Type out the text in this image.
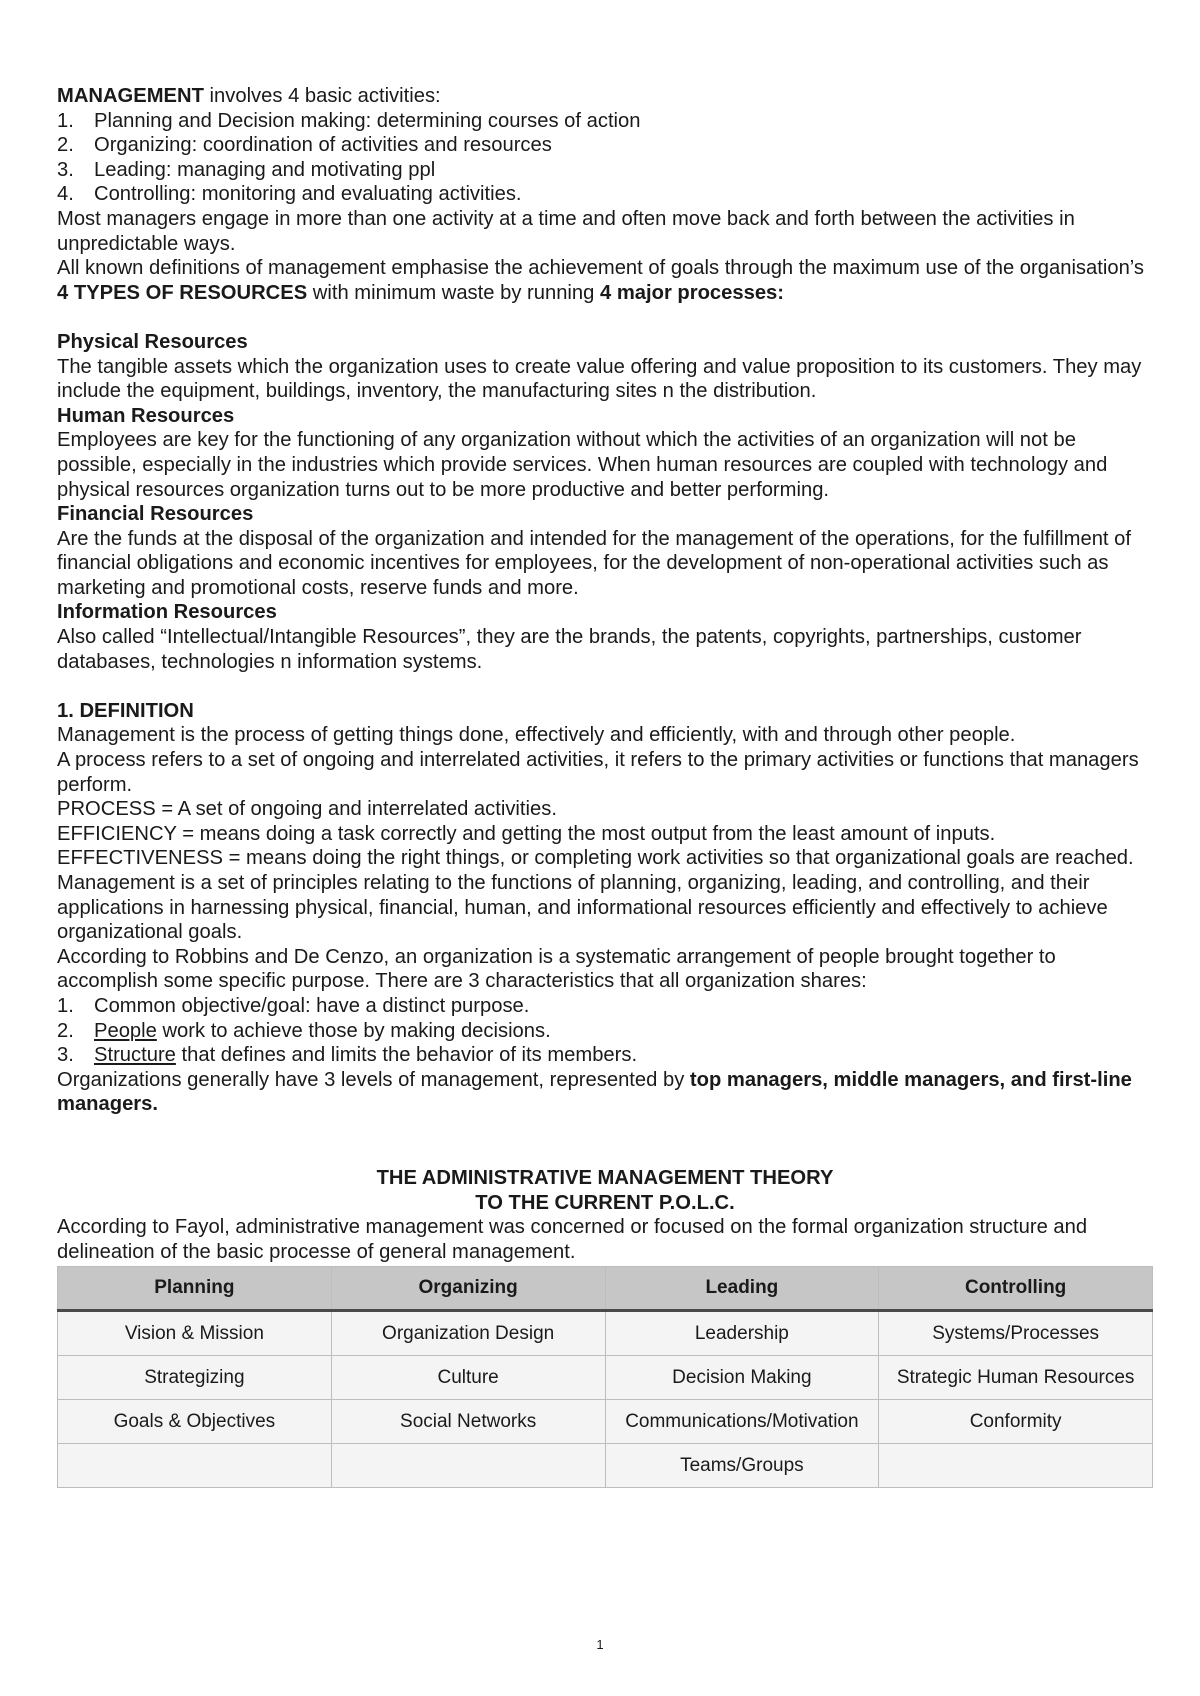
MANAGEMENT involves 4 basic activities:

1. Planning and Decision making: determining courses of action
2. Organizing: coordination of activities and resources
3. Leading: managing and motivating ppl
4. Controlling: monitoring and evaluating activities.

Most managers engage in more than one activity at a time and often move back and forth between the activities in unpredictable ways.

All known definitions of management emphasise the achievement of goals through the maximum use of the organisation’s 4 TYPES OF RESOURCES with minimum waste by running 4 major processes:

Physical Resources

The tangible assets which the organization uses to create value offering and value proposition to its customers. They may include the equipment, buildings, inventory, the manufacturing sites n the distribution.

Human Resources

Employees are key for the functioning of any organization without which the activities of an organization will not be possible, especially in the industries which provide services. When human resources are coupled with technology and physical resources organization turns out to be more productive and better performing.

Financial Resources

Are the funds at the disposal of the organization and intended for the management of the operations, for the fulfillment of financial obligations and economic incentives for employees, for the development of non-operational activities such as marketing and promotional costs, reserve funds and more.

Information Resources

Also called “Intellectual/Intangible Resources”, they are the brands, the patents, copyrights, partnerships, customer databases, technologies n information systems.

1. DEFINITION

Management is the process of getting things done, effectively and efficiently, with and through other people.

A process refers to a set of ongoing and interrelated activities, it refers to the primary activities or functions that managers perform.

PROCESS = A set of ongoing and interrelated activities.

EFFICIENCY = means doing a task correctly and getting the most output from the least amount of inputs.

EFFECTIVENESS = means doing the right things, or completing work activities so that organizational goals are reached.

Management is a set of principles relating to the functions of planning, organizing, leading, and controlling, and their applications in harnessing physical, financial, human, and informational resources efficiently and effectively to achieve organizational goals.

According to Robbins and De Cenzo, an organization is a systematic arrangement of people brought together to accomplish some specific purpose. There are 3 characteristics that all organization shares:

1. Common objective/goal: have a distinct purpose.
2. People work to achieve those by making decisions.
3. Structure that defines and limits the behavior of its members.

Organizations generally have 3 levels of management, represented by top managers, middle managers, and first-line managers.

THE ADMINISTRATIVE MANAGEMENT THEORY

TO THE CURRENT P.O.L.C.

According to Fayol, administrative management was concerned or focused on the formal organization structure and delineation of the basic processe of general management.

Planning	Organizing	Leading	Controlling
Vision & Mission	Organization Design	Leadership	Systems/Processes
Strategizing	Culture	Decision Making	Strategic Human Resources
Goals & Objectives	Social Networks	Communications/Motivation	Conformity
		Teams/Groups	
1
